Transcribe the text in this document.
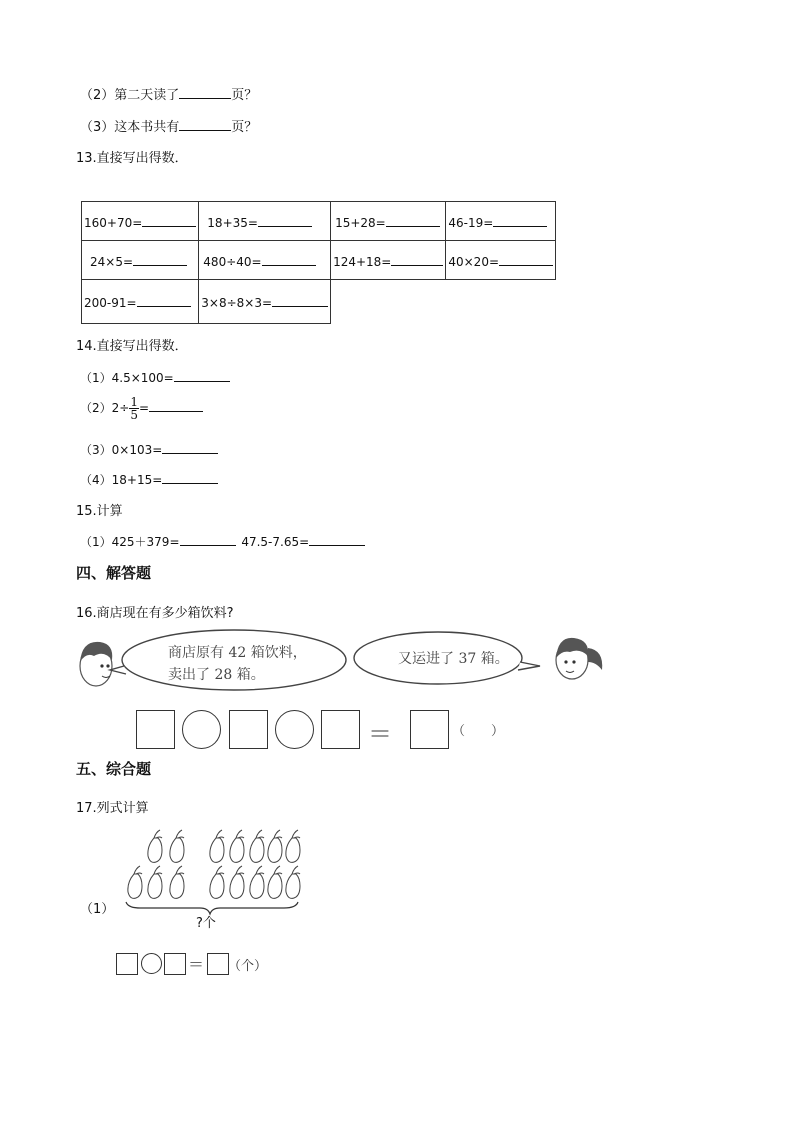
（2）第二天读了	页？
（3）这本书共有	页？
13.直接写出得数．
160+70=	18+35=	15+28=	46-19=
24×5=	480÷40=	124+18=	40×20=
200-91=	3×8÷8×3=		
14.直接写出得数．
（1）4.5×100=
$(2)2\div \frac{1}{5}$ =
（3）0×103=
（4）18+15=
15.计算
（1）425＋379=	47.5-7.65=
四、解答题
16.商店现在有多少箱饮料?
商店原有 42 箱饮料，
卖出了 28 箱。
又运进了 37 箱。
＝	（　　）
五、综合题
17.列式计算
（1）
?个
＝ （个）
